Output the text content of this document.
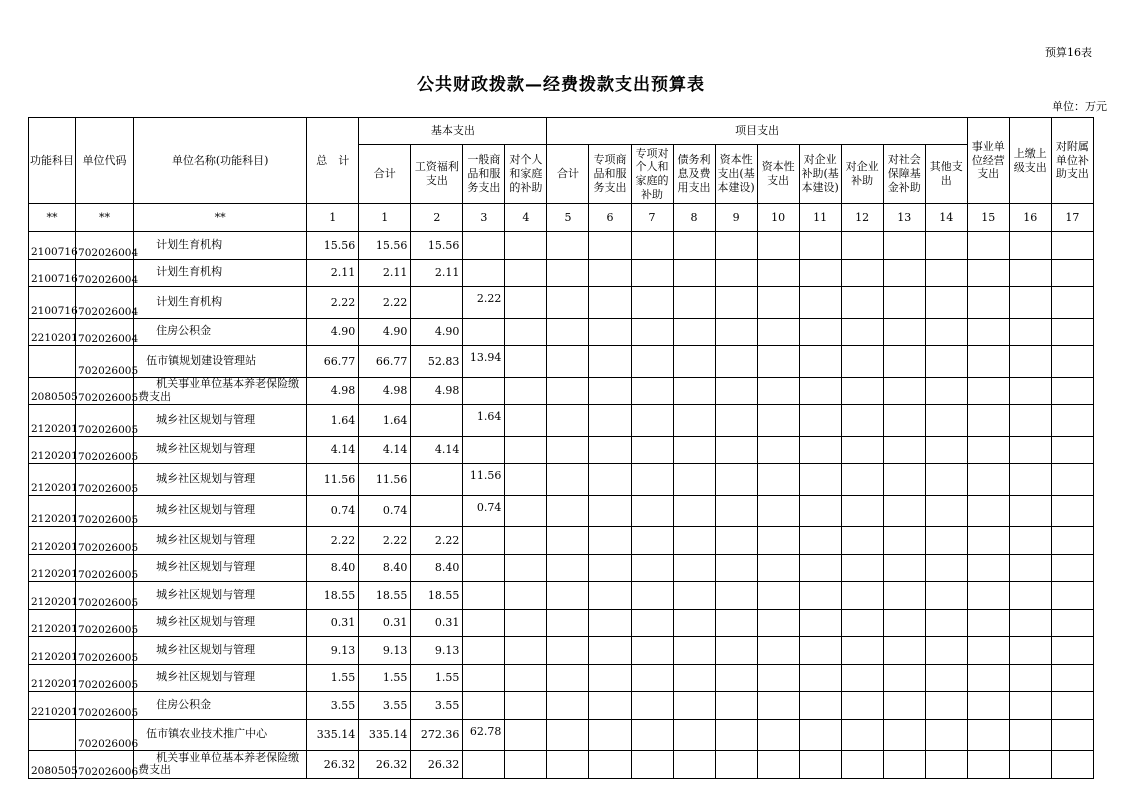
预算16表
公共财政拨款—经费拨款支出预算表
单位：万元
功能科目	单位代码	单位名称(功能科目)	总　计	基本支出				项目支出										事业单位经营支出	上缴上级支出	对附属单位补助支出
				合计	工资福利支出	一般商品和服务支出	对个人和家庭的补助	合计	专项商品和服务支出	专项对个人和家庭的补助	债务利息及费用支出	资本性支出(基本建设)	资本性支出	对企业补助(基本建设)	对企业补助	对社会保障基金补助	其他支出			
**	**	**	1	1	2	3	4	5	6	7	8	9	10	11	12	13	14	15	16	17
2100716	702026004	计划生育机构	15.56	15.56	15.56															
2100716	702026004	计划生育机构	2.11	2.11	2.11															
2100716	702026004	计划生育机构	2.22	2.22		2.22														
2210201	702026004	住房公积金	4.90	4.90	4.90															
	702026005	伍市镇规划建设管理站	66.77	66.77	52.83	13.94														
2080505	702026005	机关事业单位基本养老保险缴费支出	4.98	4.98	4.98															
2120201	702026005	城乡社区规划与管理	1.64	1.64		1.64														
2120201	702026005	城乡社区规划与管理	4.14	4.14	4.14															
2120201	702026005	城乡社区规划与管理	11.56	11.56		11.56														
2120201	702026005	城乡社区规划与管理	0.74	0.74		0.74														
2120201	702026005	城乡社区规划与管理	2.22	2.22	2.22															
2120201	702026005	城乡社区规划与管理	8.40	8.40	8.40															
2120201	702026005	城乡社区规划与管理	18.55	18.55	18.55															
2120201	702026005	城乡社区规划与管理	0.31	0.31	0.31															
2120201	702026005	城乡社区规划与管理	9.13	9.13	9.13															
2120201	702026005	城乡社区规划与管理	1.55	1.55	1.55															
2210201	702026005	住房公积金	3.55	3.55	3.55															
	702026006	伍市镇农业技术推广中心	335.14	335.14	272.36	62.78														
2080505	702026006	机关事业单位基本养老保险缴费支出	26.32	26.32	26.32															
